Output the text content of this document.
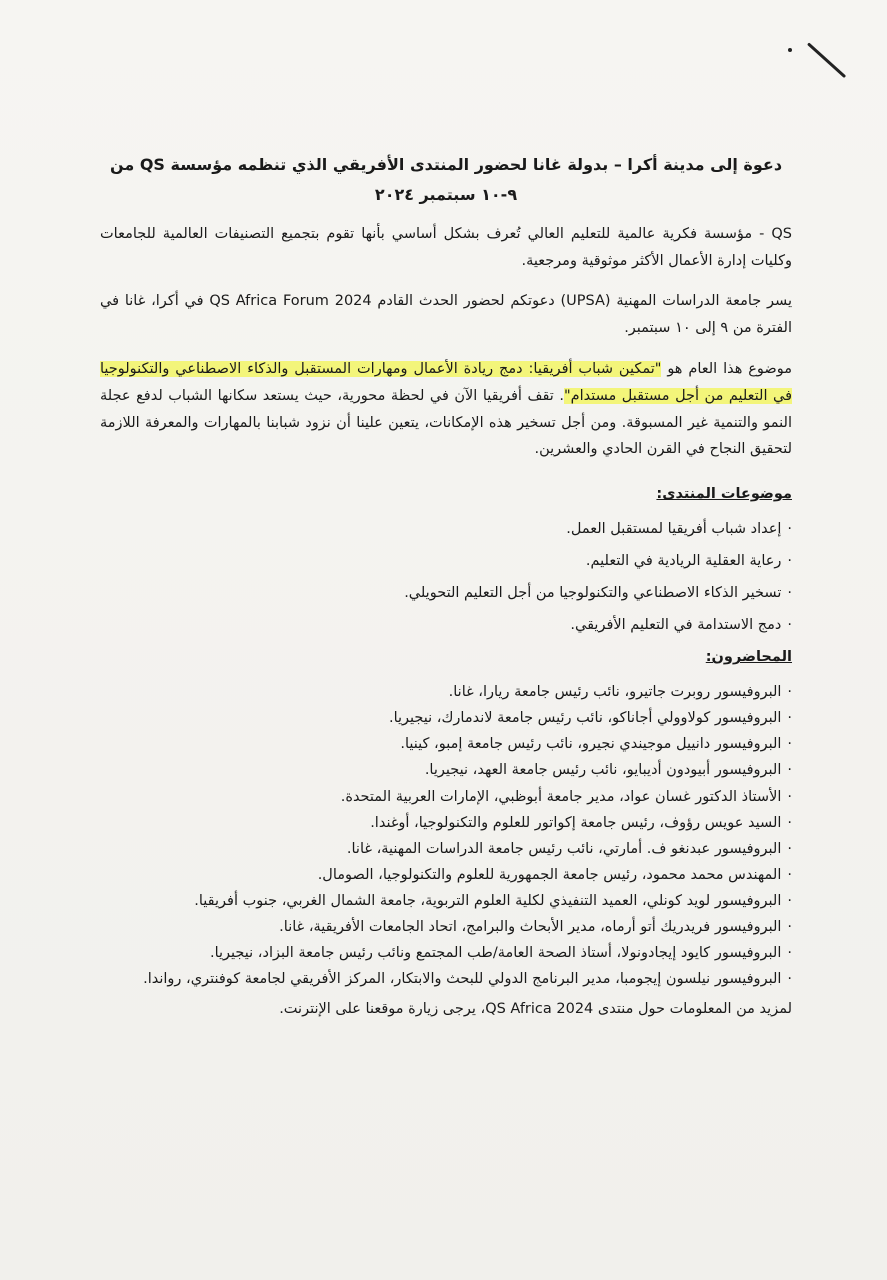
دعوة إلى مدينة أكرا – بدولة غانا لحضور المنتدى الأفريقي الذي تنظمه مؤسسة QS من ٩-١٠ سبتمبر ٢٠٢٤

QS - مؤسسة فكرية عالمية للتعليم العالي تُعرف بشكل أساسي بأنها تقوم بتجميع التصنيفات العالمية للجامعات وكليات إدارة الأعمال الأكثر موثوقية ومرجعية.

يسر جامعة الدراسات المهنية (UPSA) دعوتكم لحضور الحدث القادم QS Africa Forum 2024 في أكرا، غانا في الفترة من ٩ إلى ١٠ سبتمبر.

موضوع هذا العام هو "تمكين شباب أفريقيا: دمج ريادة الأعمال ومهارات المستقبل والذكاء الاصطناعي والتكنولوجيا في التعليم من أجل مستقبل مستدام". تقف أفريقيا الآن في لحظة محورية، حيث يستعد سكانها الشباب لدفع عجلة النمو والتنمية غير المسبوقة. ومن أجل تسخير هذه الإمكانات، يتعين علينا أن نزود شبابنا بالمهارات والمعرفة اللازمة لتحقيق النجاح في القرن الحادي والعشرين.

موضوعات المنتدى:
·إعداد شباب أفريقيا لمستقبل العمل.
·رعاية العقلية الريادية في التعليم.
·تسخير الذكاء الاصطناعي والتكنولوجيا من أجل التعليم التحويلي.
·دمج الاستدامة في التعليم الأفريقي.
المحاضرون:
·البروفيسور روبرت جاتيرو، نائب رئيس جامعة ريارا، غانا.
·البروفيسور كولاوولي أجاناكو، نائب رئيس جامعة لاندمارك، نيجيريا.
·البروفيسور دانييل موجيندي نجيرو، نائب رئيس جامعة إمبو، كينيا.
·البروفيسور أبيودون أديبايو، نائب رئيس جامعة العهد، نيجيريا.
·الأستاذ الدكتور غسان عواد، مدير جامعة أبوظبي، الإمارات العربية المتحدة.
·السيد عويس رؤوف، رئيس جامعة إكواتور للعلوم والتكنولوجيا، أوغندا.
·البروفيسور عبدنغو ف. أمارتي، نائب رئيس جامعة الدراسات المهنية، غانا.
·المهندس محمد محمود، رئيس جامعة الجمهورية للعلوم والتكنولوجيا، الصومال.
·البروفيسور لويد كونلي، العميد التنفيذي لكلية العلوم التربوية، جامعة الشمال الغربي، جنوب أفريقيا.
·البروفيسور فريدريك أتو أرماه، مدير الأبحاث والبرامج، اتحاد الجامعات الأفريقية، غانا.
·البروفيسور كايود إيجادونولا، أستاذ الصحة العامة/طب المجتمع ونائب رئيس جامعة البزاد، نيجيريا.
·البروفيسور نيلسون إيجومبا، مدير البرنامج الدولي للبحث والابتكار، المركز الأفريقي لجامعة كوفنتري، رواندا.
لمزيد من المعلومات حول منتدى QS Africa 2024، يرجى زيارة موقعنا على الإنترنت.
